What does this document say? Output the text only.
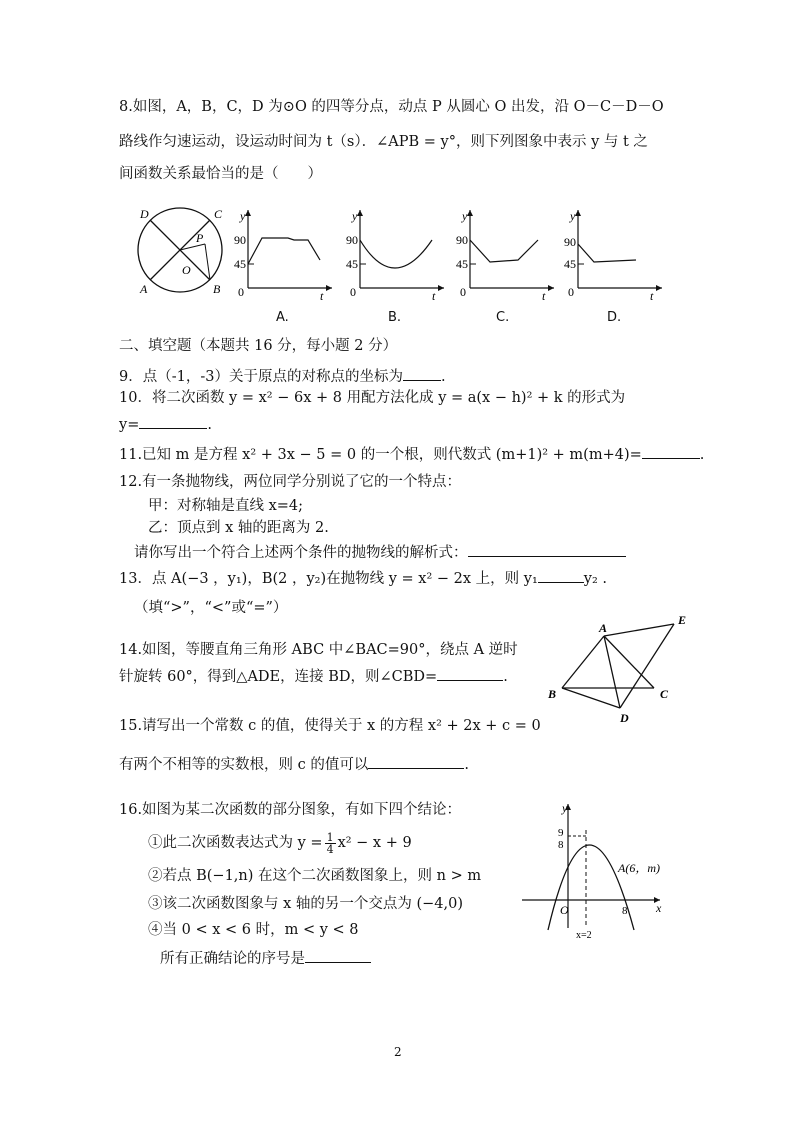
8.如图，A，B，C，D 为⊙O 的四等分点，动点 P 从圆心 O 出发，沿 O－C－D－O
路线作匀速运动，设运动时间为 t（s）．∠APB = y°，则下列图象中表示 y 与 t 之
间函数关系最恰当的是（　　）
D	C
P
O
A	B
y
90
45
0	t
A.
y
90
45
0	t
B.
y
90
45
0	t
C.
y
90
45
0	t
D.
二、填空题（本题共 16 分，每小题 2 分）
9．点（-1，-3）关于原点的对称点的坐标为	.
10．将二次函数 y = x² − 6x + 8 用配方法化成 y = a(x − h)² + k 的形式为
y=	.
11.已知 m 是方程 x² + 3x − 5 = 0 的一个根，则代数式 (m+1)² + m(m+4)=	.
12.有一条抛物线，两位同学分别说了它的一个特点：
甲：对称轴是直线 x=4;
乙：顶点到 x 轴的距离为 2.
请你写出一个符合上述两个条件的抛物线的解析式：
13．点 A(−3 ，y₁)，B(2 ，y₂)在抛物线 y = x² − 2x 上，则 y₁	y₂ .
（填“>”，“<”或“=”）
14.如图，等腰直角三角形 ABC 中∠BAC=90°，绕点 A 逆时
针旋转 60°，得到△ADE，连接 BD，则∠CBD=	.
A
E
B	C
D
15.请写出一个常数 c 的值，使得关于 x 的方程 x² + 2x + c = 0
有两个不相等的实数根，则 c 的值可以	.
16.如图为某二次函数的部分图象，有如下四个结论：
①此二次函数表达式为 $y = \frac{1}{4} x^2 - x + 9$
②若点 B(−1,n) 在这个二次函数图象上，则 n > m
③该二次函数图象与 x 轴的另一个交点为 (−4,0)
④当 0 < x < 6 时，m < y < 8
所有正确结论的序号是
y
x
9
8
O	8
A(6，m)
x=2
2
